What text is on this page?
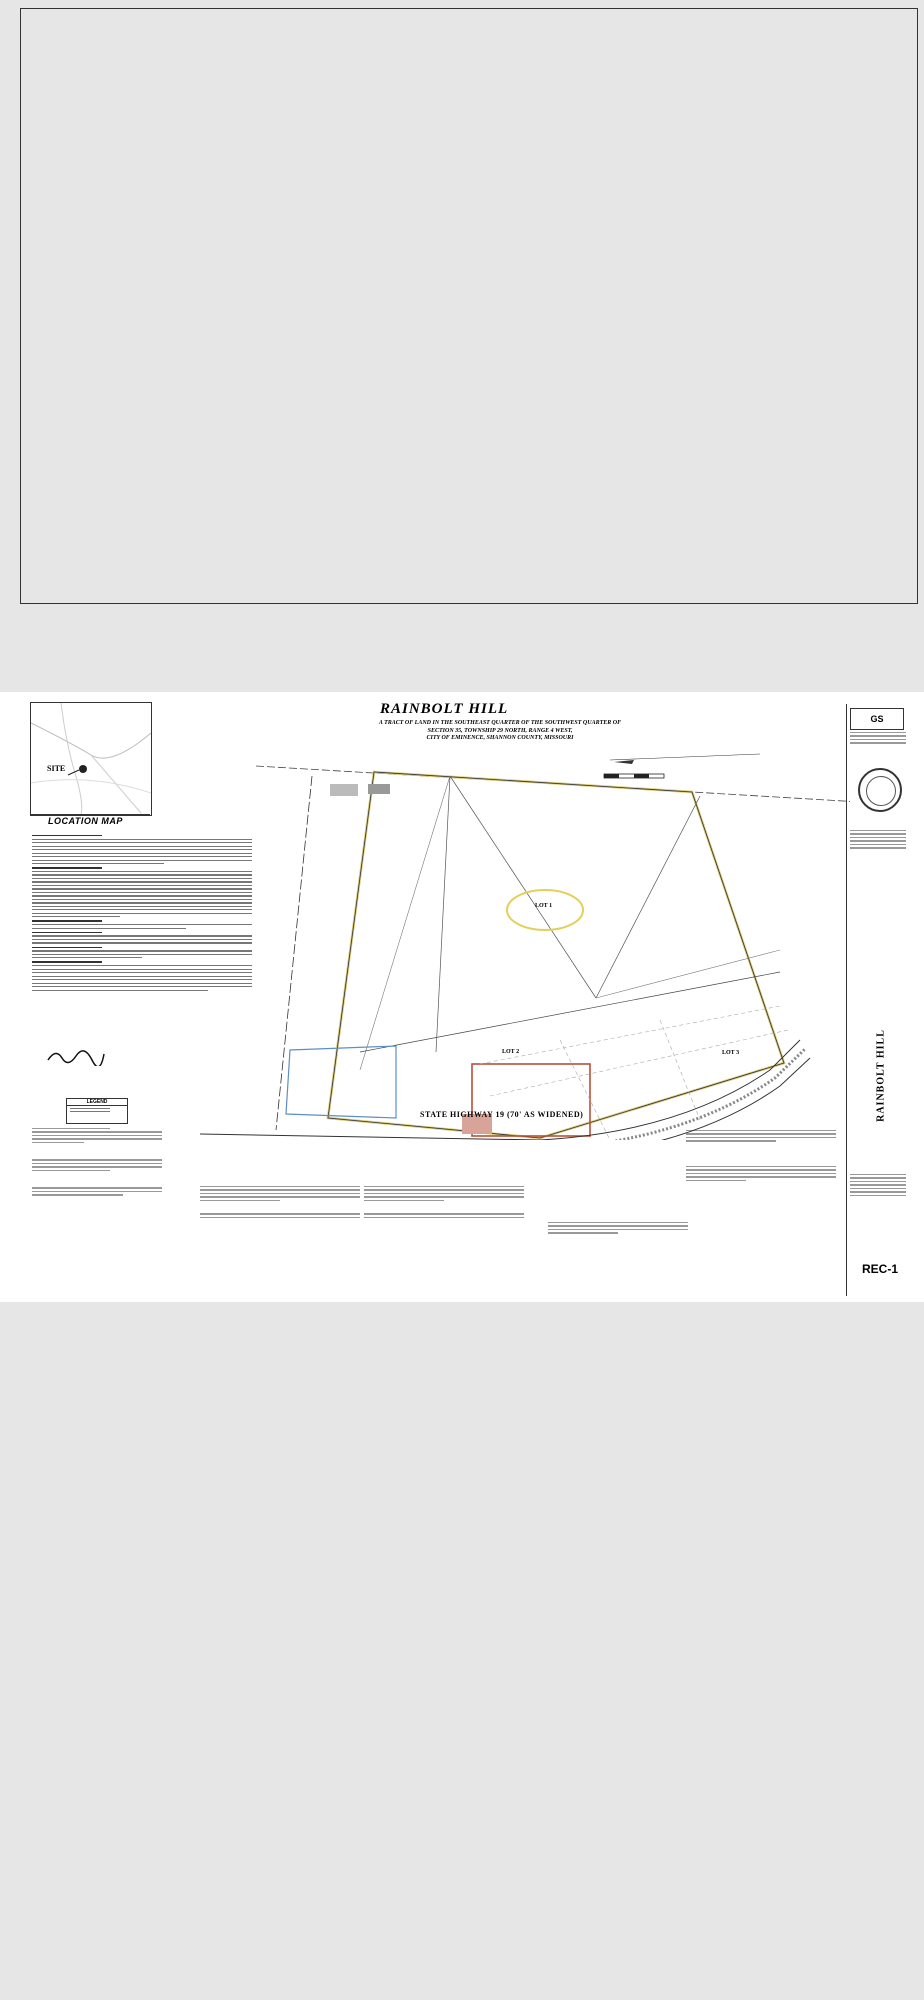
SITE
LOCATION MAP
RAINBOLT HILL
A TRACT OF LAND IN THE SOUTHEAST QUARTER OF THE SOUTHWEST QUARTER OF
SECTION 35, TOWNSHIP 29 NORTH, RANGE 4 WEST,
CITY OF EMINENCE, SHANNON COUNTY, MISSOURI
LEGEND
LOT 1
LOT 2	LOT 3
STATE HIGHWAY 19 (70' AS WIDENED)
GS
RAINBOLT HILL
REC-1
